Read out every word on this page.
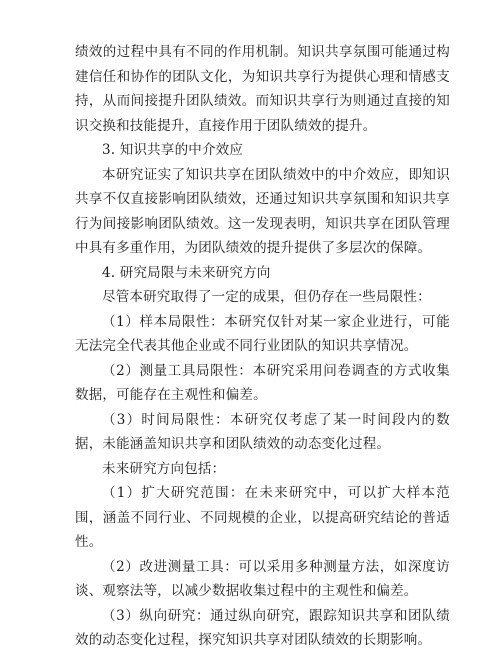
绩效的过程中具有不同的作用机制。知识共享氛围可能通过构建信任和协作的团队文化，为知识共享行为提供心理和情感支持，从而间接提升团队绩效。而知识共享行为则通过直接的知识交换和技能提升，直接作用于团队绩效的提升。

3. 知识共享的中介效应

本研究证实了知识共享在团队绩效中的中介效应，即知识共享不仅直接影响团队绩效，还通过知识共享氛围和知识共享行为间接影响团队绩效。这一发现表明，知识共享在团队管理中具有多重作用，为团队绩效的提升提供了多层次的保障。

4. 研究局限与未来研究方向

尽管本研究取得了一定的成果，但仍存在一些局限性：

（1）样本局限性：本研究仅针对某一家企业进行，可能无法完全代表其他企业或不同行业团队的知识共享情况。

（2）测量工具局限性：本研究采用问卷调查的方式收集数据，可能存在主观性和偏差。

（3）时间局限性：本研究仅考虑了某一时间段内的数据，未能涵盖知识共享和团队绩效的动态变化过程。

未来研究方向包括：

（1）扩大研究范围：在未来研究中，可以扩大样本范围，涵盖不同行业、不同规模的企业，以提高研究结论的普适性。

（2）改进测量工具：可以采用多种测量方法，如深度访谈、观察法等，以减少数据收集过程中的主观性和偏差。

（3）纵向研究：通过纵向研究，跟踪知识共享和团队绩效的动态变化过程，探究知识共享对团队绩效的长期影响。
